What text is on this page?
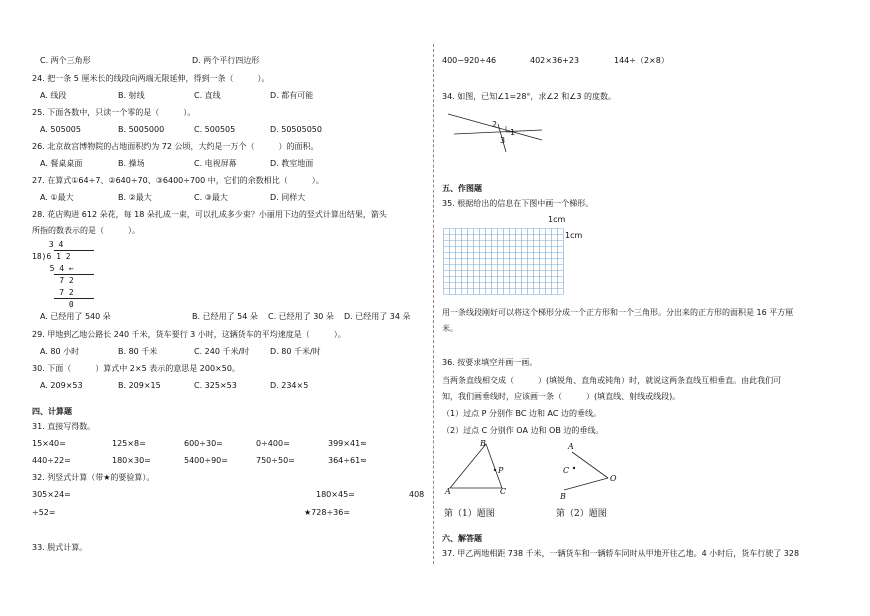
C. 两个三角形	D. 两个平行四边形
24. 把一条 5 厘米长的线段向两端无限延伸，得到一条（　　　）。
A. 线段	B. 射线	C. 直线	D. 都有可能
25. 下面各数中，只读一个零的是（　　　）。
A. 505005	B. 5005000	C. 500505	D. 50505050
26. 北京故宫博物院的占地面积约为 72 公顷，大约是一万个（　　　）的面积。
A. 餐桌桌面	B. 操场	C. 电视屏幕	D. 教室地面
27. 在算式①64÷7、②640÷70、③6400÷700 中，它们的余数相比（　　　）。
A. ①最大	B. ②最大	C. ③最大	D. 同样大
28. 花店购进 612 朵花，每 18 朵扎成一束，可以扎成多少束？小丽用下边的竖式计算出结果，箭头
所指的数表示的是（　　　）。
3 4
18)6 1 2
5 4 ←
7 2
7 2
0
A. 已经用了 540 朵	B. 已经用了 54 朵 C. 已经用了 30 朵 D. 已经用了 34 朵
29. 甲地到乙地公路长 240 千米，货车要行 3 小时，这辆货车的平均速度是（　　　）。
A. 80 小时	B. 80 千米	C. 240 千米/时	D. 80 千米/时
30. 下面（　　　）算式中 2×5 表示的意思是 200×50。
A. 209×53	B. 209×15	C. 325×53	D. 234×5
四、计算题
31. 直接写得数。
15×40=	125×8=	600÷30=	0÷400=	399×41≈
440÷22=	180×30=	5400÷90=	750÷50=	364÷61≈
32. 列竖式计算（带★的要验算）。
305×24=	180×45=	408
÷52=	★728÷36=
33. 脱式计算。
400−920÷46	402×36+23	144÷（2×8）
34. 如图，已知∠1=28°，求∠2 和∠3 的度数。
2
1
3
五、作图题
35. 根据给出的信息在下图中画一个梯形。
1cm
1cm
用一条线段刚好可以将这个梯形分成一个正方形和一个三角形。分出来的正方形的面积是 16 平方厘
米。
36. 按要求填空并画一画。
当两条直线相交成（　　　）(填锐角、直角或钝角）时，就说这两条直线互相垂直。由此我们可
知，我们画垂线时，应该画一条（　　　）(填直线、射线或线段)。
（1）过点 P 分别作 BC 边和 AC 边的垂线。
（2）过点 C 分别作 OA 边和 OB 边的垂线。
B
P
A	C
A
C
O
B
第（1）题图	第（2）题图
六、解答题
37. 甲乙两地相距 738 千米，一辆货车和一辆轿车同时从甲地开往乙地。4 小时后，货车行驶了 328
